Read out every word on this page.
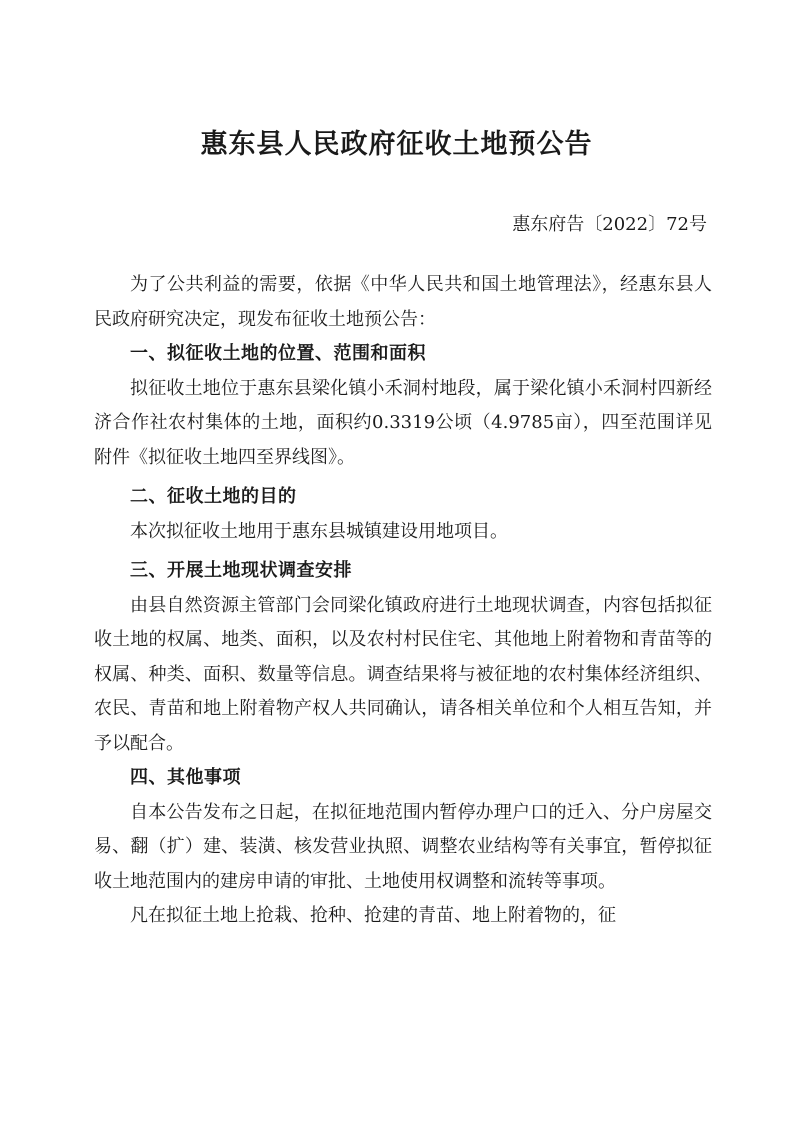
惠东县人民政府征收土地预公告
惠东府告〔2022〕72号

为了公共利益的需要，依据《中华人民共和国土地管理法》，经惠东县人民政府研究决定，现发布征收土地预公告：

一、拟征收土地的位置、范围和面积

拟征收土地位于惠东县梁化镇小禾洞村地段，属于梁化镇小禾洞村四新经济合作社农村集体的土地，面积约0.3319公顷（4.9785亩），四至范围详见附件《拟征收土地四至界线图》。

二、征收土地的目的

本次拟征收土地用于惠东县城镇建设用地项目。

三、开展土地现状调查安排

由县自然资源主管部门会同梁化镇政府进行土地现状调查，内容包括拟征收土地的权属、地类、面积，以及农村村民住宅、其他地上附着物和青苗等的权属、种类、面积、数量等信息。调查结果将与被征地的农村集体经济组织、农民、青苗和地上附着物产权人共同确认，请各相关单位和个人相互告知，并予以配合。

四、其他事项

自本公告发布之日起，在拟征地范围内暂停办理户口的迁入、分户房屋交易、翻（扩）建、装潢、核发营业执照、调整农业结构等有关事宜，暂停拟征收土地范围内的建房申请的审批、土地使用权调整和流转等事项。

凡在拟征土地上抢栽、抢种、抢建的青苗、地上附着物的，征
